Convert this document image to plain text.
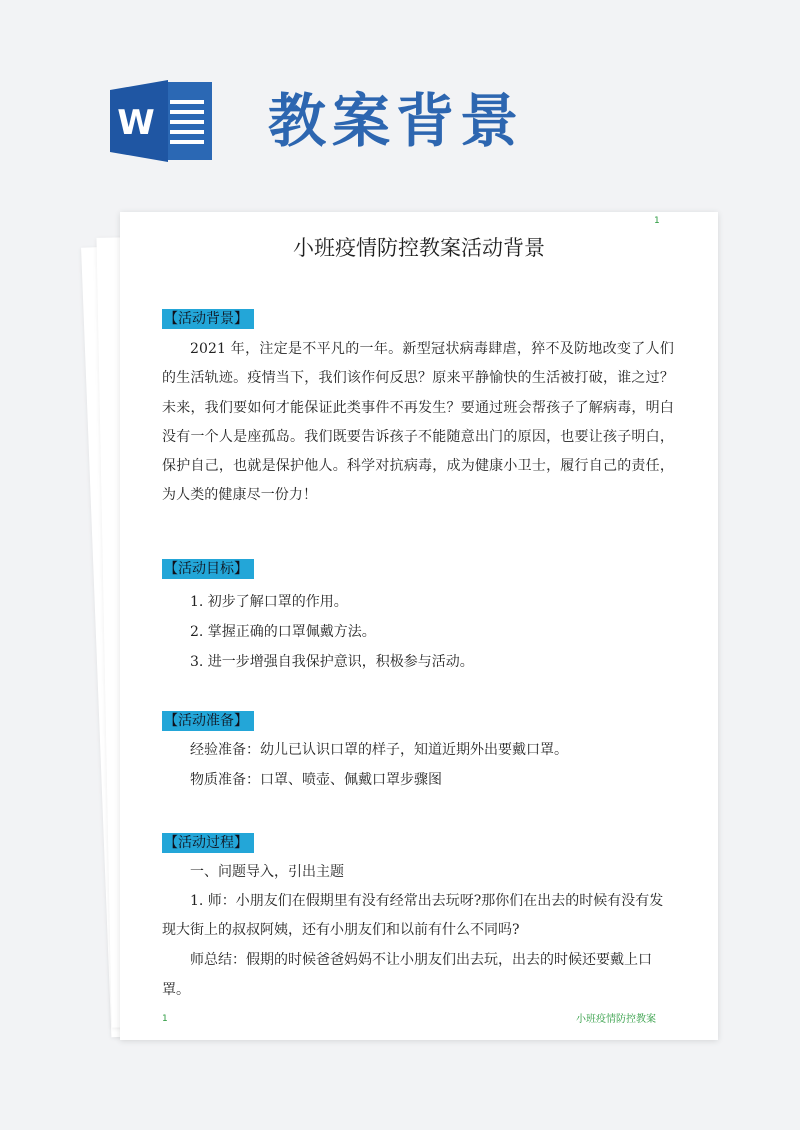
W 教案背景
1
小班疫情防控教案活动背景
【活动背景】

2021 年，注定是不平凡的一年。新型冠状病毒肆虐，猝不及防地改变了人们的生活轨迹。疫情当下，我们该作何反思？原来平静愉快的生活被打破，谁之过？未来，我们要如何才能保证此类事件不再发生？要通过班会帮孩子了解病毒，明白没有一个人是座孤岛。我们既要告诉孩子不能随意出门的原因，也要让孩子明白，保护自己，也就是保护他人。科学对抗病毒，成为健康小卫士，履行自己的责任，为人类的健康尽一份力！

【活动目标】

1. 初步了解口罩的作用。

2. 掌握正确的口罩佩戴方法。

3. 进一步增强自我保护意识，积极参与活动。

【活动准备】

经验准备：幼儿已认识口罩的样子，知道近期外出要戴口罩。

物质准备：口罩、喷壶、佩戴口罩步骤图

【活动过程】

一、问题导入，引出主题

1. 师：小朋友们在假期里有没有经常出去玩呀?那你们在出去的时候有没有发现大街上的叔叔阿姨，还有小朋友们和以前有什么不同吗?

师总结：假期的时候爸爸妈妈不让小朋友们出去玩，出去的时候还要戴上口罩。

1	小班疫情防控教案
